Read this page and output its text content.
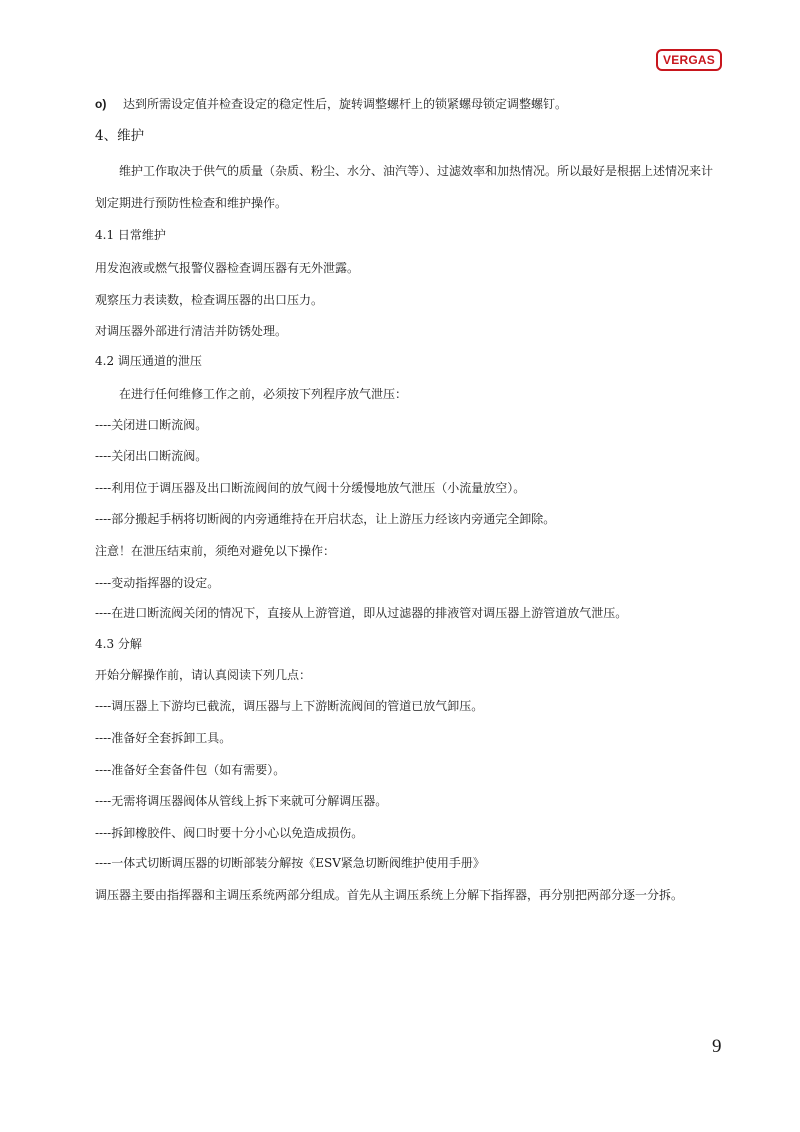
VERGAS
o) 达到所需设定值并检查设定的稳定性后，旋转调整螺杆上的锁紧螺母锁定调整螺钉。
4、维护
维护工作取决于供气的质量（杂质、粉尘、水分、油汽等）、过滤效率和加热情况。所以最好是根据上述情况来计
划定期进行预防性检查和维护操作。
4.1 日常维护
用发泡液或燃气报警仪器检查调压器有无外泄露。
观察压力表读数，检查调压器的出口压力。
对调压器外部进行清洁并防锈处理。
4.2 调压通道的泄压
在进行任何维修工作之前，必须按下列程序放气泄压：
----关闭进口断流阀。
----关闭出口断流阀。
----利用位于调压器及出口断流阀间的放气阀十分缓慢地放气泄压（小流量放空）。
----部分搬起手柄将切断阀的内旁通维持在开启状态，让上游压力经该内旁通完全卸除。
注意！在泄压结束前，须绝对避免以下操作：
----变动指挥器的设定。
----在进口断流阀关闭的情况下，直接从上游管道，即从过滤器的排液管对调压器上游管道放气泄压。
4.3 分解
开始分解操作前，请认真阅读下列几点：
----调压器上下游均已截流，调压器与上下游断流阀间的管道已放气卸压。
----准备好全套拆卸工具。
----准备好全套备件包（如有需要）。
----无需将调压器阀体从管线上拆下来就可分解调压器。
----拆卸橡胶件、阀口时要十分小心以免造成损伤。
----一体式切断调压器的切断部装分解按《ESV紧急切断阀维护使用手册》
调压器主要由指挥器和主调压系统两部分组成。首先从主调压系统上分解下指挥器，再分别把两部分逐一分拆。
9
